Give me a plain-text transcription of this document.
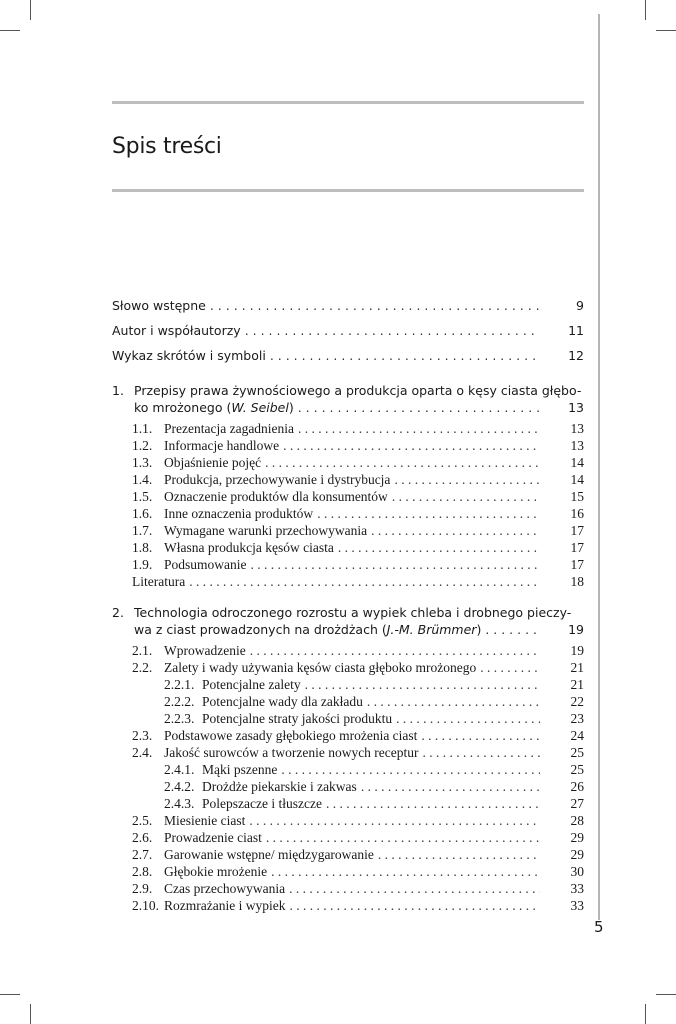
Spis treści
Słowo wstępne . . .	9
Autor i współautorzy . . .	11
Wykaz skrótów i symboli . . .	12
1. Przepisy prawa żywnościowego a produkcja oparta o kęsy ciasta głębo-
ko mrożonego (W. Seibel) . . .	13
1.1. Prezentacja zagadnienia . . .	13
1.2. Informacje handlowe . . .	13
1.3. Objaśnienie pojęć . . .	14
1.4. Produkcja, przechowywanie i dystrybucja . . .	14
1.5. Oznaczenie produktów dla konsumentów . . .	15
1.6. Inne oznaczenia produktów . . .	16
1.7. Wymagane warunki przechowywania . . .	17
1.8. Własna produkcja kęsów ciasta . . .	17
1.9. Podsumowanie . . .	17
Literatura . . .	18
2. Technologia odroczonego rozrostu a wypiek chleba i drobnego pieczy-
wa z ciast prowadzonych na drożdżach (J.-M. Brümmer) . . .	19
2.1. Wprowadzenie . . .	19
2.2. Zalety i wady używania kęsów ciasta głęboko mrożonego . . .	21
2.2.1. Potencjalne zalety . . .	21
2.2.2. Potencjalne wady dla zakładu . . .	22
2.2.3. Potencjalne straty jakości produktu . . .	23
2.3. Podstawowe zasady głębokiego mrożenia ciast . . .	24
2.4. Jakość surowców a tworzenie nowych receptur . . .	25
2.4.1. Mąki pszenne . . .	25
2.4.2. Drożdże piekarskie i zakwas . . .	26
2.4.3. Polepszacze i tłuszcze . . .	27
2.5. Miesienie ciast . . .	28
2.6. Prowadzenie ciast . . .	29
2.7. Garowanie wstępne/ międzygarowanie . . .	29
2.8. Głębokie mrożenie . . .	30
2.9. Czas przechowywania . . .	33
2.10. Rozmrażanie i wypiek . . .	33
5
